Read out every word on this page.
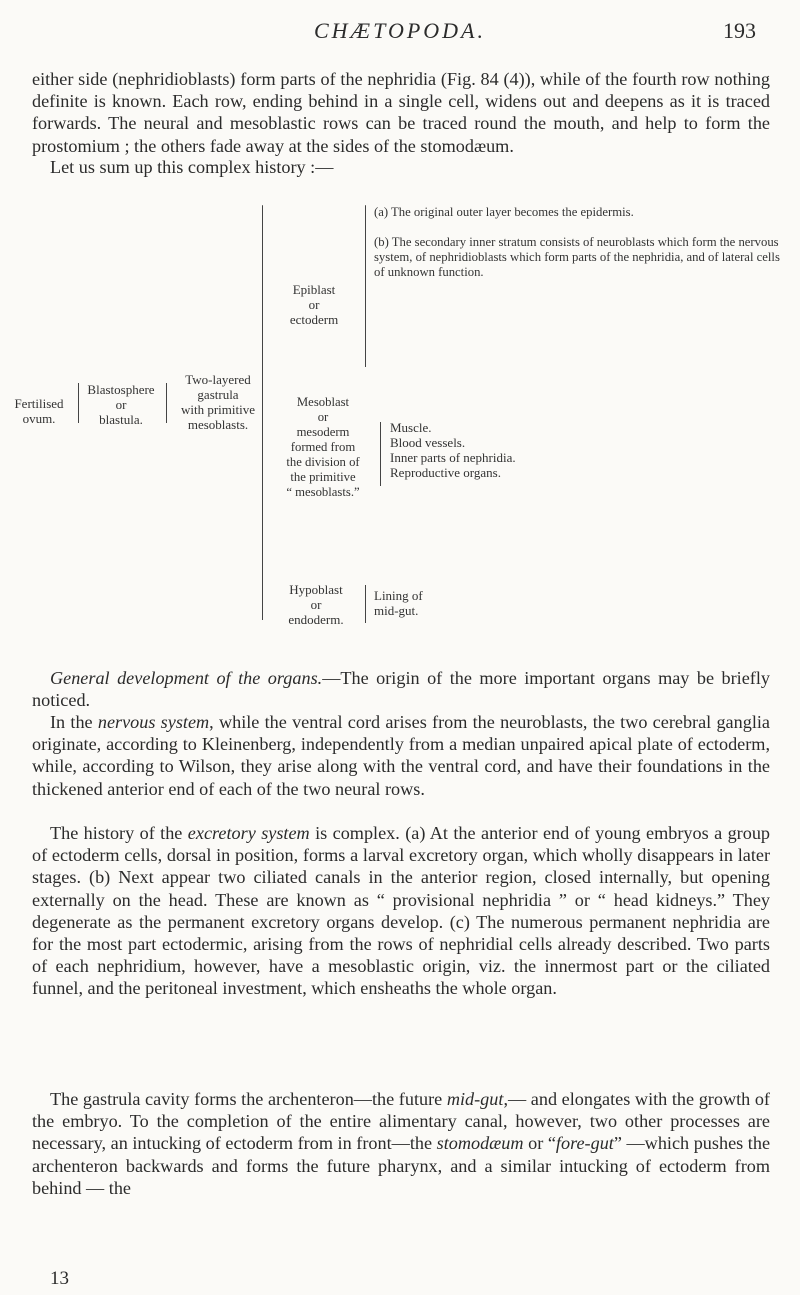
CHÆTOPODA.	193

either side (nephridioblasts) form parts of the nephridia (Fig. 84 (4)), while of the fourth row nothing definite is known. Each row, ending behind in a single cell, widens out and deepens as it is traced forwards. The neural and mesoblastic rows can be traced round the mouth, and help to form the prostomium ; the others fade away at the sides of the stomodæum.

Let us sum up this complex history :—

Fertilised ovum.
Blastosphere
or
blastula.
Two-layered
gastrula
with primitive
mesoblasts.
Epiblast
or
ectoderm
(a) The original outer layer becomes the epidermis.
(b) The secondary inner stratum consists of neuroblasts which form the nervous system, of nephridioblasts which form parts of the nephridia, and of lateral cells of unknown function.
Mesoblast
or
mesoderm
formed from
the division of
the primitive
“ mesoblasts.”
Muscle.
Blood vessels.
Inner parts of nephridia.
Reproductive organs.
Hypoblast
or
endoderm.
Lining of
mid-gut.

General development of the organs.—The origin of the more important organs may be briefly noticed.

In the nervous system, while the ventral cord arises from the neuroblasts, the two cerebral ganglia originate, according to Kleinenberg, independently from a median unpaired apical plate of ectoderm, while, according to Wilson, they arise along with the ventral cord, and have their foundations in the thickened anterior end of each of the two neural rows.

The history of the excretory system is complex. (a) At the anterior end of young embryos a group of ectoderm cells, dorsal in position, forms a larval excretory organ, which wholly disappears in later stages. (b) Next appear two ciliated canals in the anterior region, closed internally, but opening externally on the head. These are known as “ provisional nephridia ” or “ head kidneys.” They degenerate as the permanent excretory organs develop. (c) The numerous permanent nephridia are for the most part ectodermic, arising from the rows of nephridial cells already described. Two parts of each nephridium, however, have a mesoblastic origin, viz. the innermost part or the ciliated funnel, and the peritoneal investment, which ensheaths the whole organ.

The gastrula cavity forms the archenteron—the future mid-gut,— and elongates with the growth of the embryo. To the completion of the entire alimentary canal, however, two other processes are necessary, an intucking of ectoderm from in front—the stomodæum or “fore-gut” —which pushes the archenteron backwards and forms the future pharynx, and a similar intucking of ectoderm from behind — the

13
